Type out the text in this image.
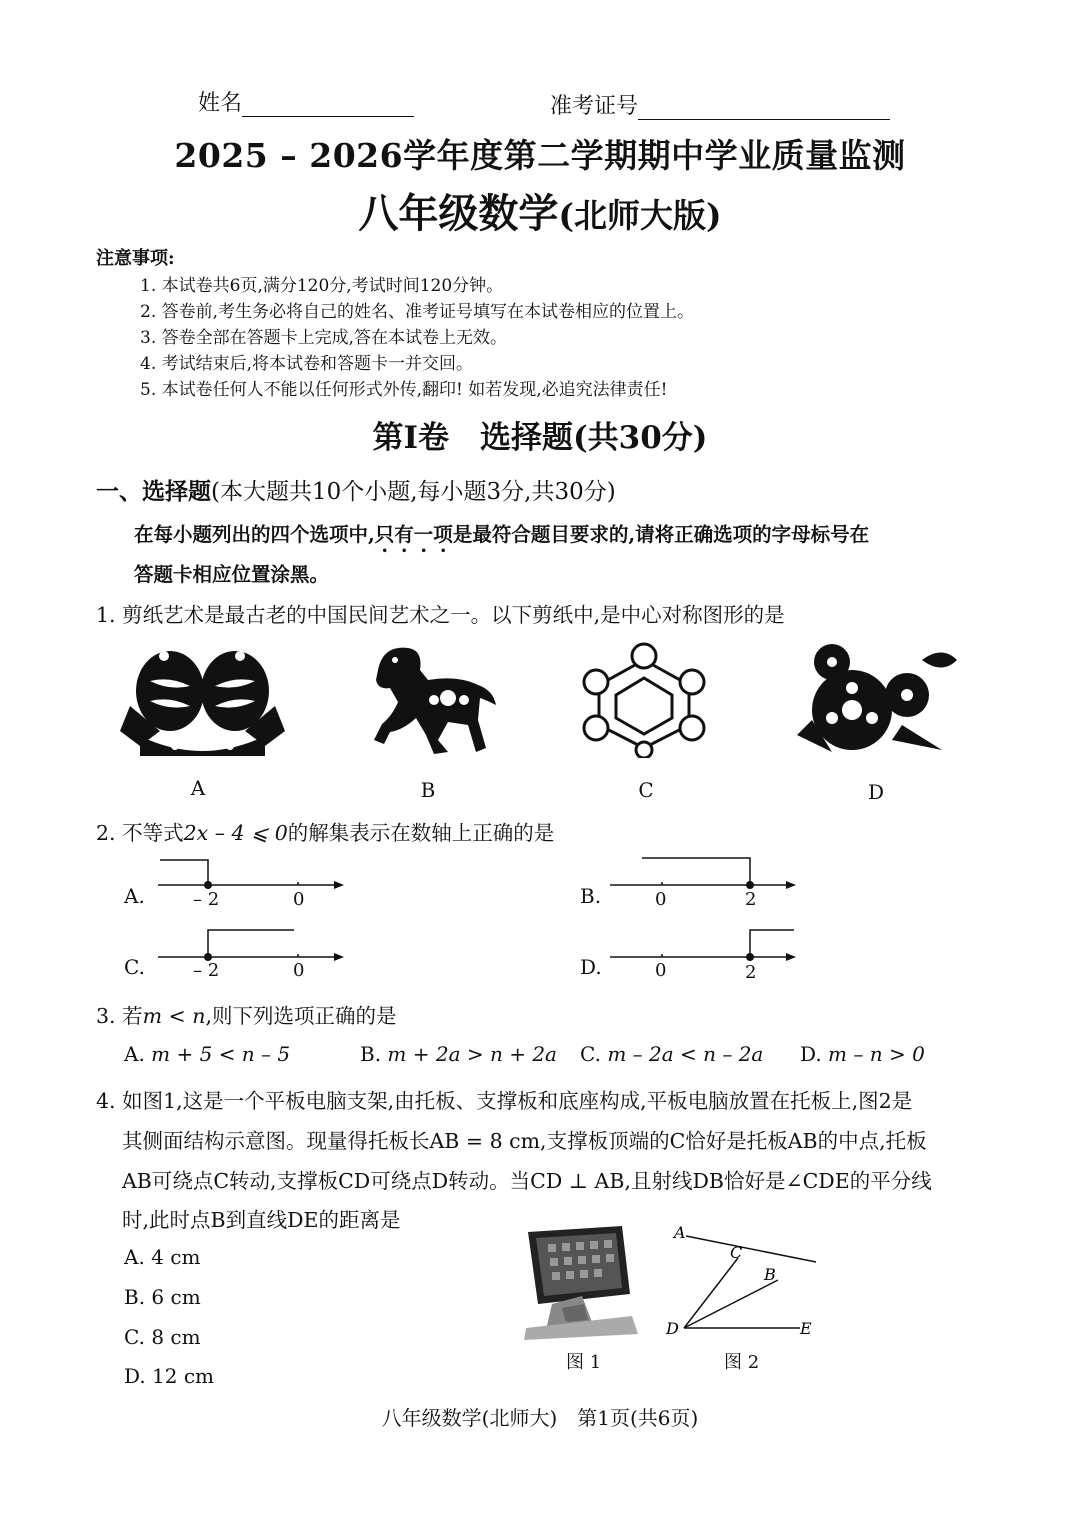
姓名	准考证号
2025 – 2026学年度第二学期期中学业质量监测
八年级数学(北师大版)
注意事项:
1. 本试卷共6页,满分120分,考试时间120分钟。
2. 答卷前,考生务必将自己的姓名、准考证号填写在本试卷相应的位置上。
3. 答卷全部在答题卡上完成,答在本试卷上无效。
4. 考试结束后,将本试卷和答题卡一并交回。
5. 本试卷任何人不能以任何形式外传,翻印! 如若发现,必追究法律责任!
第Ⅰ卷　选择题(共30分)
一、选择题(本大题共10个小题,每小题3分,共30分)
在每小题列出的四个选项中,只有一项是最符合题目要求的,请将正确选项的字母标号在
答题卡相应位置涂黑。
1. 剪纸艺术是最古老的中国民间艺术之一。以下剪纸中,是中心对称图形的是
A	B	C	D
2. 不等式2x – 4 ⩽ 0的解集表示在数轴上正确的是
A.	– 2	0	B.	0	2
C.	– 2	0	D.	0	2
3. 若m < n,则下列选项正确的是
A. m + 5 < n – 5	B. m + 2a > n + 2a C. m – 2a < n – 2a D. m – n > 0
4. 如图1,这是一个平板电脑支架,由托板、支撑板和底座构成,平板电脑放置在托板上,图2是
其侧面结构示意图。现量得托板长AB = 8 cm,支撑板顶端的C恰好是托板AB的中点,托板
AB可绕点C转动,支撑板CD可绕点D转动。当CD ⊥ AB,且射线DB恰好是∠CDE的平分线
时,此时点B到直线DE的距离是
A. 4 cm
B. 6 cm
C. 8 cm
D. 12 cm
图 1
A
C
B
D	E
图 2
八年级数学(北师大)　第1页(共6页)
